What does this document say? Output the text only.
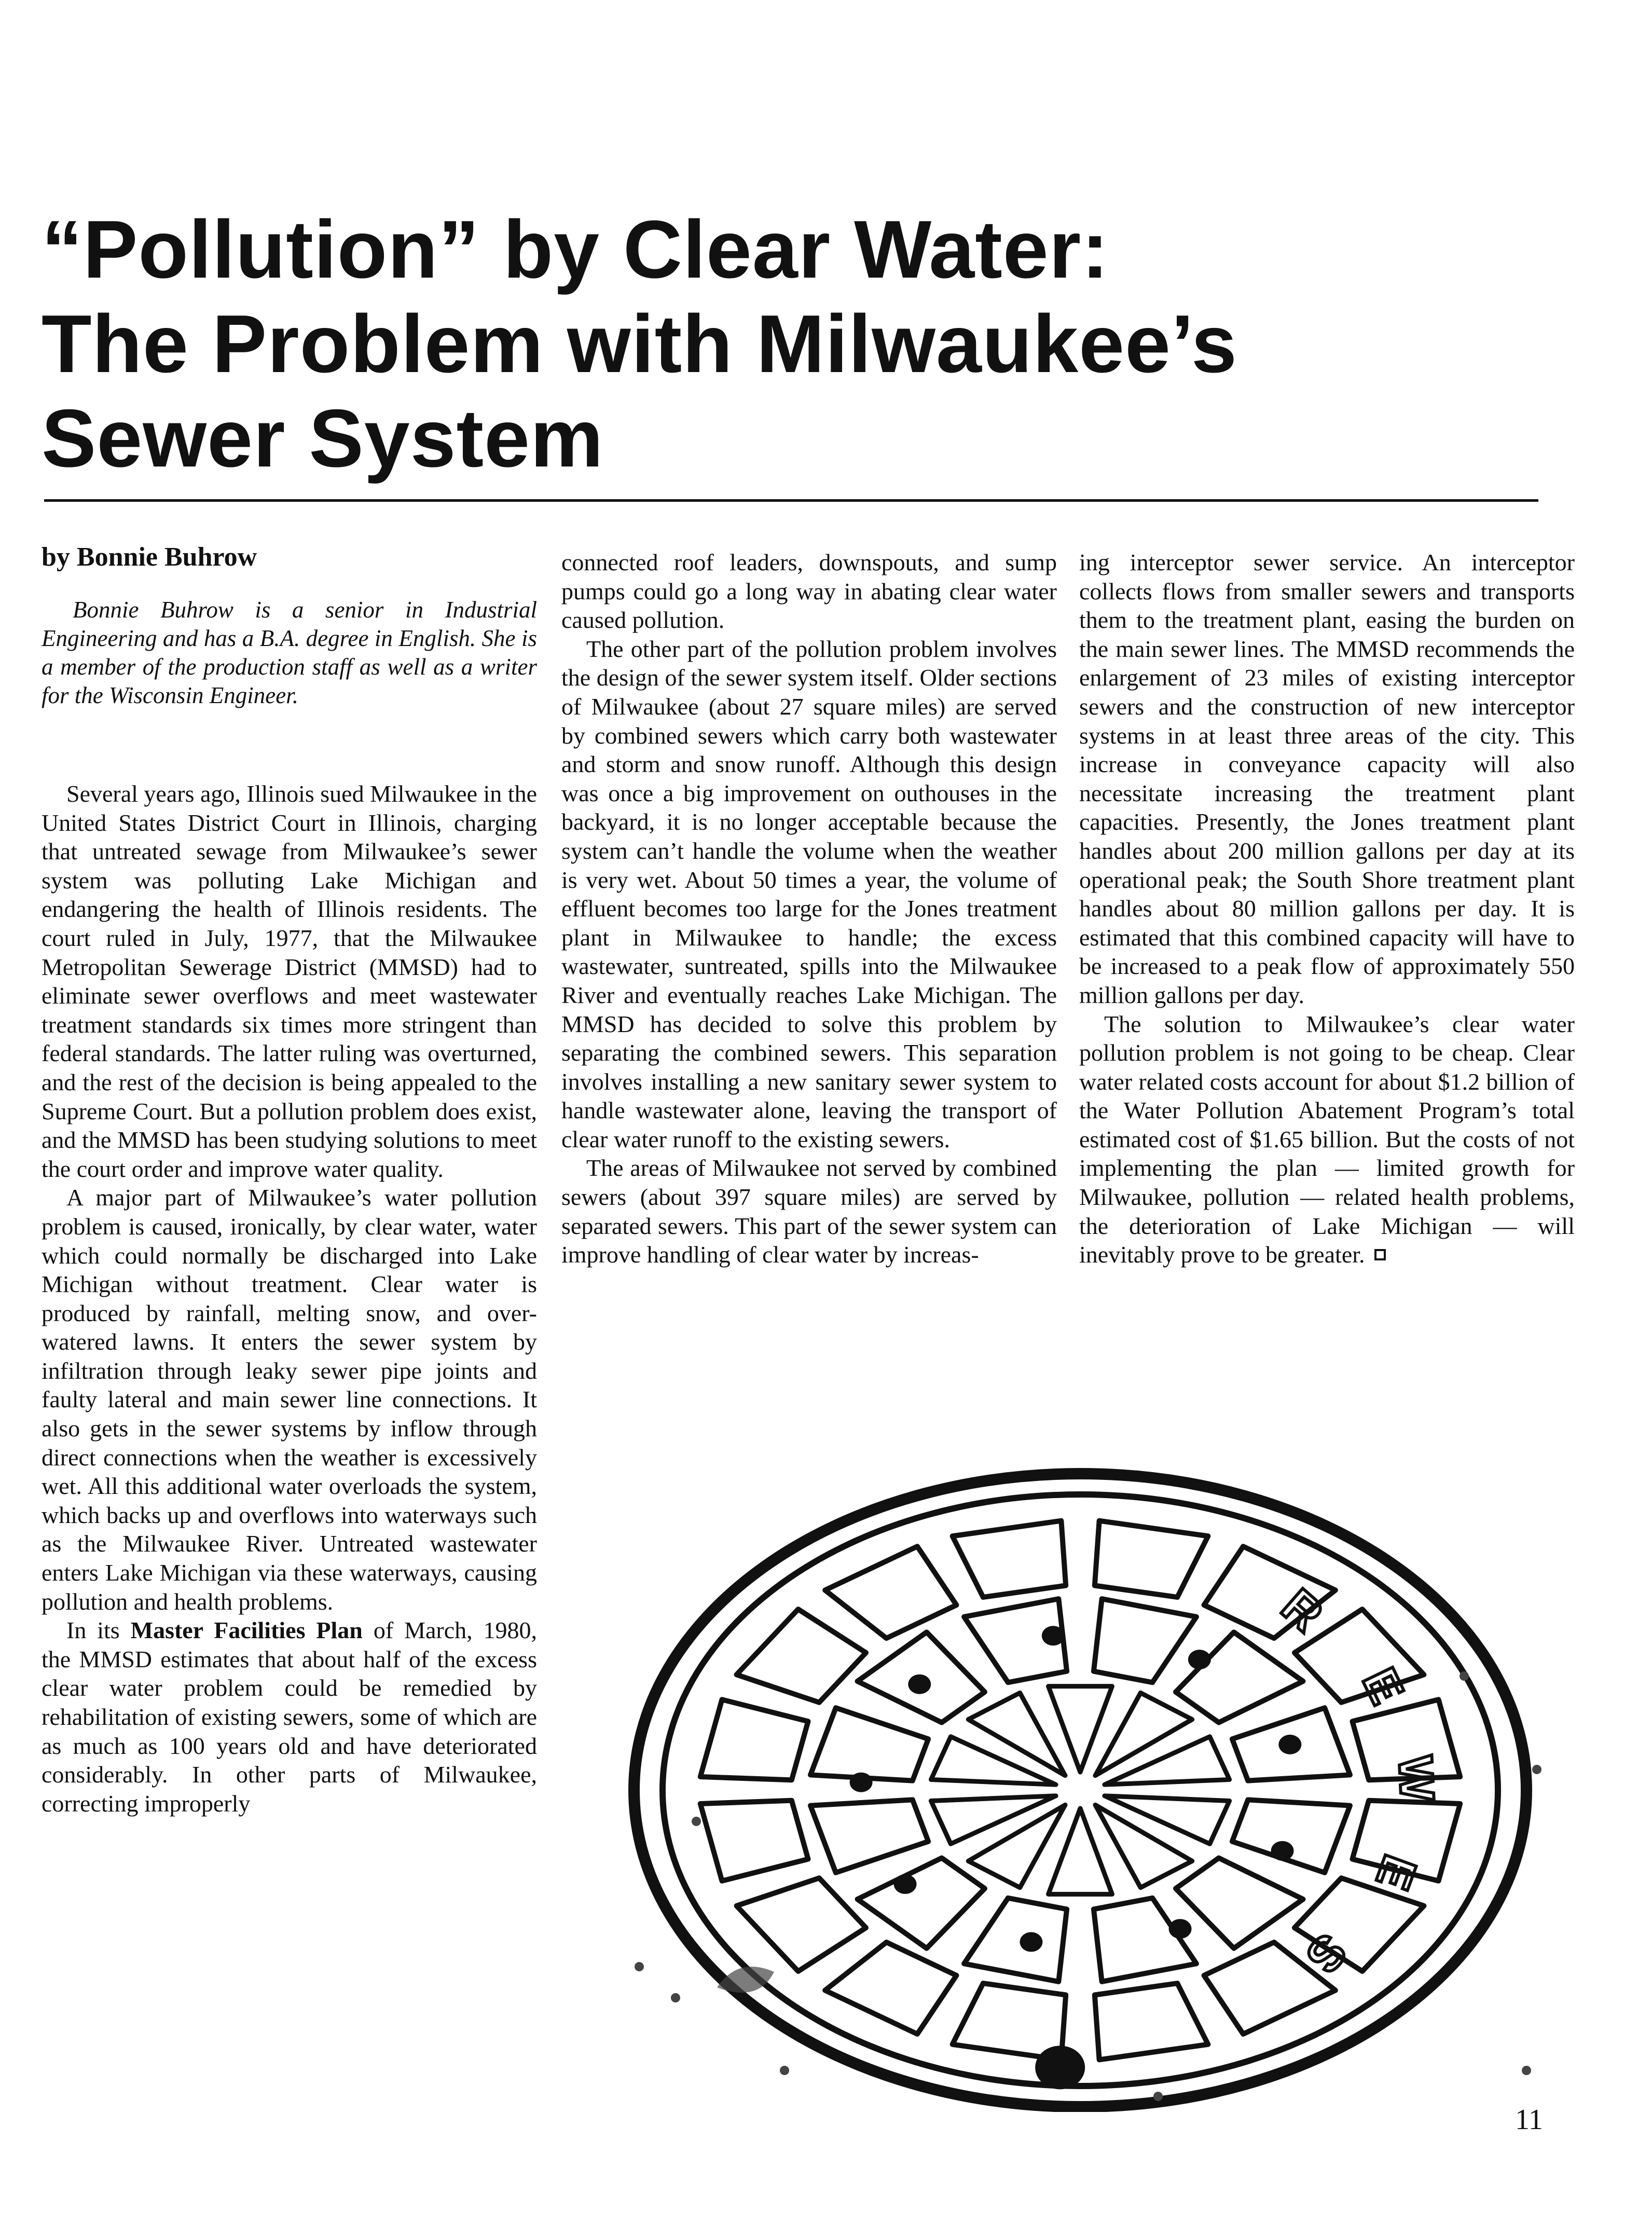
“Pollution” by Clear Water:
The Problem with Milwaukee’s
Sewer System

by Bonnie Buhrow

Bonnie Buhrow is a senior in Industrial Engineering and has a B.A. degree in English. She is a member of the production staff as well as a writer for the Wisconsin Engineer.

Several years ago, Illinois sued Milwaukee in the United States District Court in Illinois, charging that untreated sewage from Milwaukee’s sewer system was polluting Lake Michigan and endangering the health of Illinois residents. The court ruled in July, 1977, that the Milwaukee Metropolitan Sewerage District (MMSD) had to eliminate sewer overflows and meet wastewater treatment standards six times more stringent than federal standards. The latter ruling was overturned, and the rest of the decision is being appealed to the Supreme Court. But a pollution problem does exist, and the MMSD has been studying solutions to meet the court order and improve water quality.

A major part of Milwaukee’s water pollution problem is caused, ironically, by clear water, water which could normally be discharged into Lake Michigan without treatment. Clear water is produced by rainfall, melting snow, and over-watered lawns. It enters the sewer system by infiltration through leaky sewer pipe joints and faulty lateral and main sewer line connections. It also gets in the sewer systems by inflow through direct connections when the weather is excessively wet. All this additional water overloads the system, which backs up and overflows into waterways such as the Milwaukee River. Untreated wastewater enters Lake Michigan via these waterways, causing pollution and health problems.

In its Master Facilities Plan of March, 1980, the MMSD estimates that about half of the excess clear water problem could be remedied by rehabilitation of existing sewers, some of which are as much as 100 years old and have deteriorated considerably. In other parts of Milwaukee, correcting improperly

connected roof leaders, downspouts, and sump pumps could go a long way in abating clear water caused pollution.

The other part of the pollution problem involves the design of the sewer system itself. Older sections of Milwaukee (about 27 square miles) are served by combined sewers which carry both wastewater and storm and snow runoff. Although this design was once a big improvement on outhouses in the backyard, it is no longer acceptable because the system can’t handle the volume when the weather is very wet. About 50 times a year, the volume of effluent becomes too large for the Jones treatment plant in Milwaukee to handle; the excess wastewater, suntreated, spills into the Milwaukee River and eventually reaches Lake Michigan. The MMSD has decided to solve this problem by separating the combined sewers. This separation involves installing a new sanitary sewer system to handle wastewater alone, leaving the transport of clear water runoff to the existing sewers.

The areas of Milwaukee not served by combined sewers (about 397 square miles) are served by separated sewers. This part of the sewer system can improve handling of clear water by increas-

ing interceptor sewer service. An interceptor collects flows from smaller sewers and transports them to the treatment plant, easing the burden on the main sewer lines. The MMSD recommends the enlargement of 23 miles of existing interceptor sewers and the construction of new interceptor systems in at least three areas of the city. This increase in conveyance capacity will also necessitate increasing the treatment plant capacities. Presently, the Jones treatment plant handles about 200 million gallons per day at its operational peak; the South Shore treatment plant handles about 80 million gallons per day. It is estimated that this combined capacity will have to be increased to a peak flow of approximately 550 million gallons per day.

The solution to Milwaukee’s clear water pollution problem is not going to be cheap. Clear water related costs account for about $1.2 billion of the Water Pollution Abatement Program’s total estimated cost of $1.65 billion. But the costs of not implementing the plan — limited growth for Milwaukee, pollution — related health problems, the deterioration of Lake Michigan — will inevitably prove to be greater.

S
E
W
E
R
11
